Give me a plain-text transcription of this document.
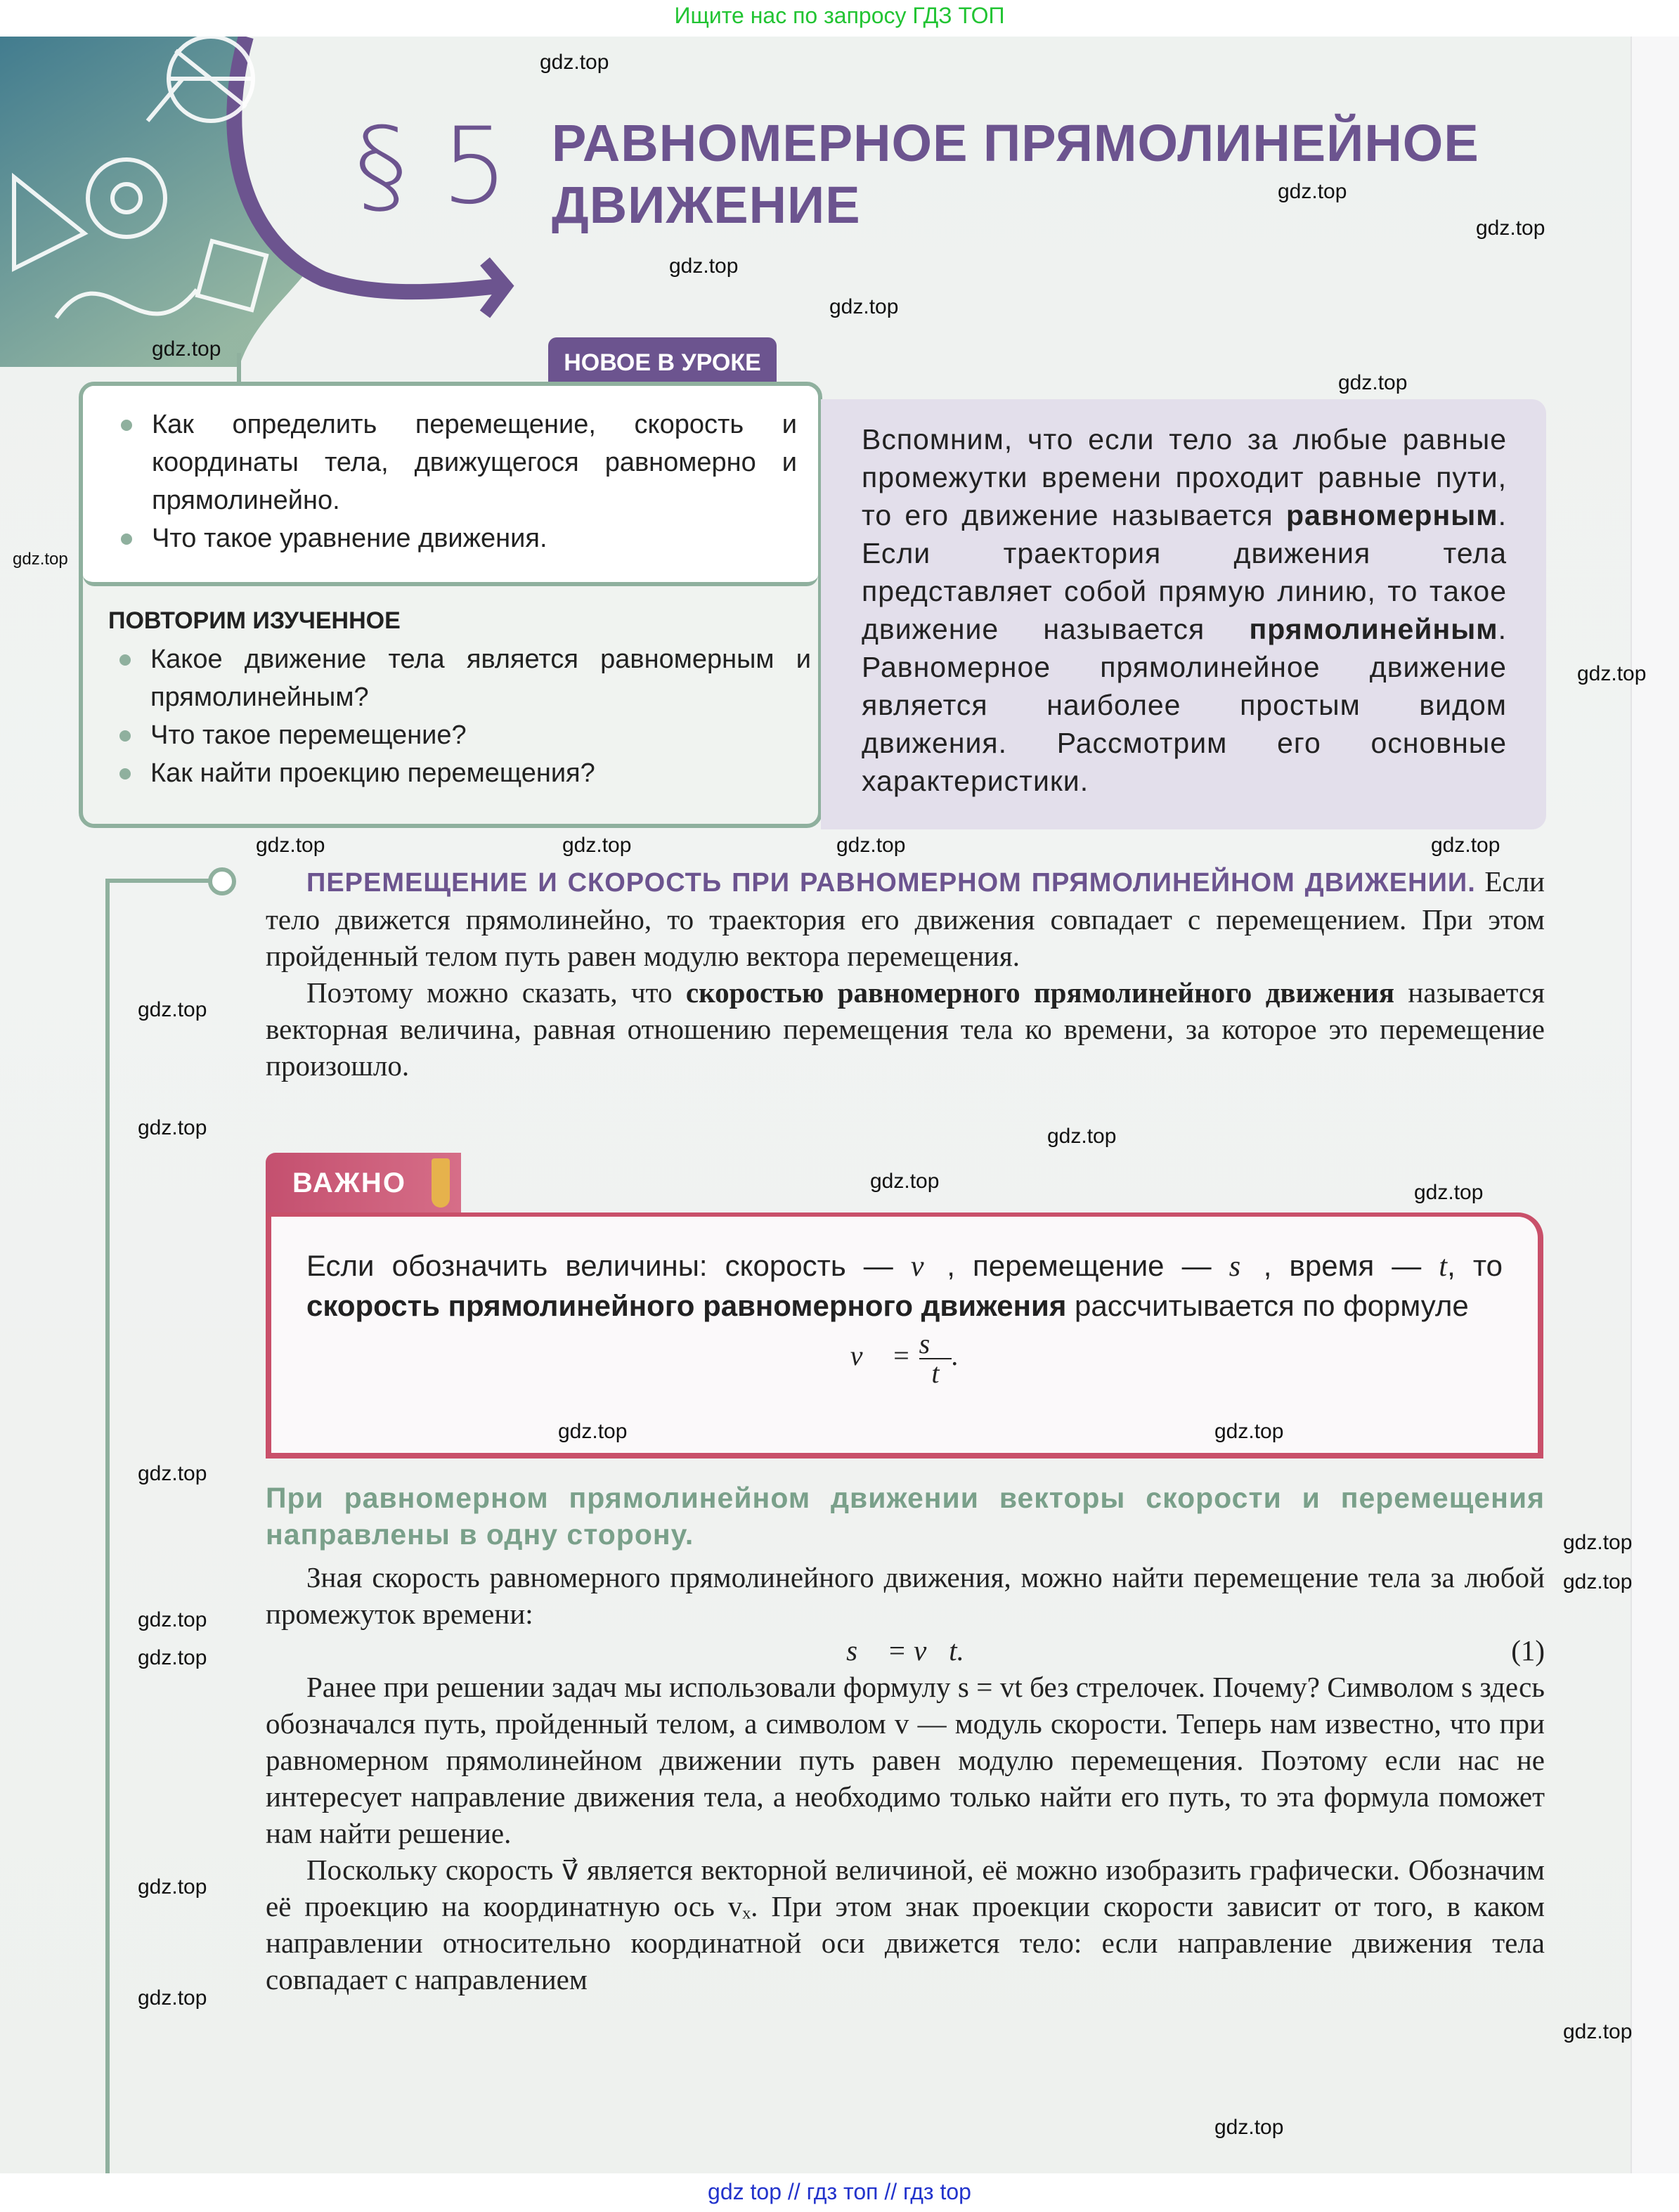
Ищите нас по запросу ГДЗ ТОП
§ 5 РАВНОМЕРНОЕ ПРЯМОЛИНЕЙНОЕ
ДВИЖЕНИЕ
НОВОЕ В УРОКЕ
Как определить перемещение, скорость и координаты тела, движущегося равномерно и прямолинейно.
Что такое уравнение движения.
ПОВТОРИМ ИЗУЧЕННОЕ
Какое движение тела является равномерным и прямолинейным?
Что такое перемещение?
Как найти проекцию перемещения?
Вспомним, что если тело за любые равные промежутки времени проходит равные пути, то его движение называется равномерным. Если траектория движения тела представляет собой прямую линию, то такое движение называется прямолинейным. Равномерное прямолинейное движение является наиболее простым видом движения. Рассмотрим его основные характеристики.

ПЕРЕМЕЩЕНИЕ И СКОРОСТЬ ПРИ РАВНОМЕРНОМ ПРЯМОЛИНЕЙНОМ ДВИЖЕНИИ. Если тело движется прямолинейно, то траектория его движения совпадает с перемещением. При этом пройденный телом путь равен модулю вектора перемещения.

Поэтому можно сказать, что скоростью равномерного прямолинейного движения называется векторная величина, равная отношению перемещения тела ко времени, за которое это перемещение произошло.

ВАЖНО
Если обозначить величины: скорость — v⃗, перемещение — s⃗, время — t, то скорость прямолинейного равномерного движения рассчитывается по формуле
v⃗ = $\frac{s⃗}{t}$ .
При равномерном прямолинейном движении векторы скорости и перемещения направлены в одну сторону.

Зная скорость равномерного прямолинейного движения, можно найти перемещение тела за любой промежуток времени:

s⃗ = v⃗t.	(1)

Ранее при решении задач мы использовали формулу s = vt без стрелочек. Почему? Символом s здесь обозначался путь, пройденный телом, а символом v — модуль скорости. Теперь нам известно, что при равномерном прямолинейном движении путь равен модулю перемещения. Поэтому если нас не интересует направление движения тела, а необходимо только найти его путь, то эта формула поможет нам найти решение.

Поскольку скорость v⃗ является векторной величиной, её можно изобразить графически. Обозначим её проекцию на координатную ось vₓ. При этом знак проекции скорости зависит от того, в каком направлении относительно координатной оси движется тело: если направление движения тела совпадает с направлением

gdz top // гдз топ // гдз top
gdz.top
gdz.top
gdz.top
gdz.top
gdz.top
gdz.top
gdz.top
gdz.top
gdz.top
gdz.top
gdz.top	gdz.top
gdz.top
gdz.top
gdz.top
gdz.top
gdz.top	gdz.top
gdz.top
gdz.top
gdz.top
gdz.top
gdz.top
gdz.top
gdz.top
gdz.top
gdz.top
gdz.top
gdz.top
